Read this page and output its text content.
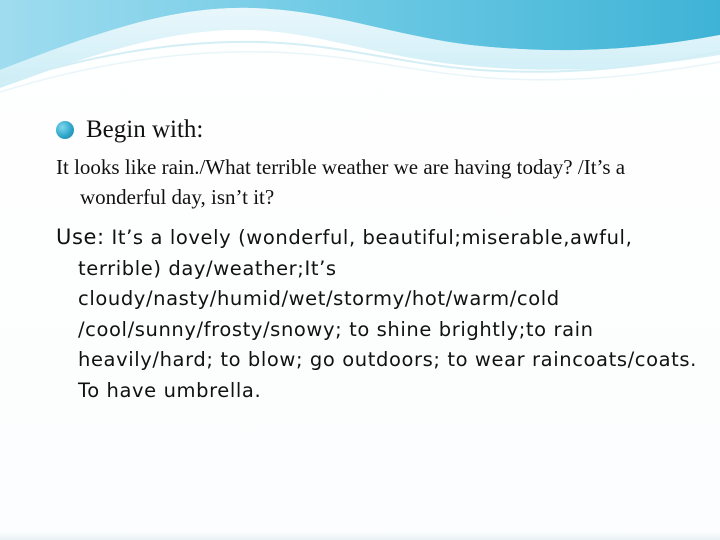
Begin with:
It looks like rain./What terrible weather we are having today? /It’s a wonderful day, isn’t it?
Use: It’s a lovely (wonderful, beautiful;miserable,awful, terrible) day/weather;It’s cloudy/nasty/humid/wet/stormy/hot/warm/cold /cool/sunny/frosty/snowy; to shine brightly;to rain heavily/hard; to blow; go outdoors; to wear raincoats/coats. To have umbrella.
